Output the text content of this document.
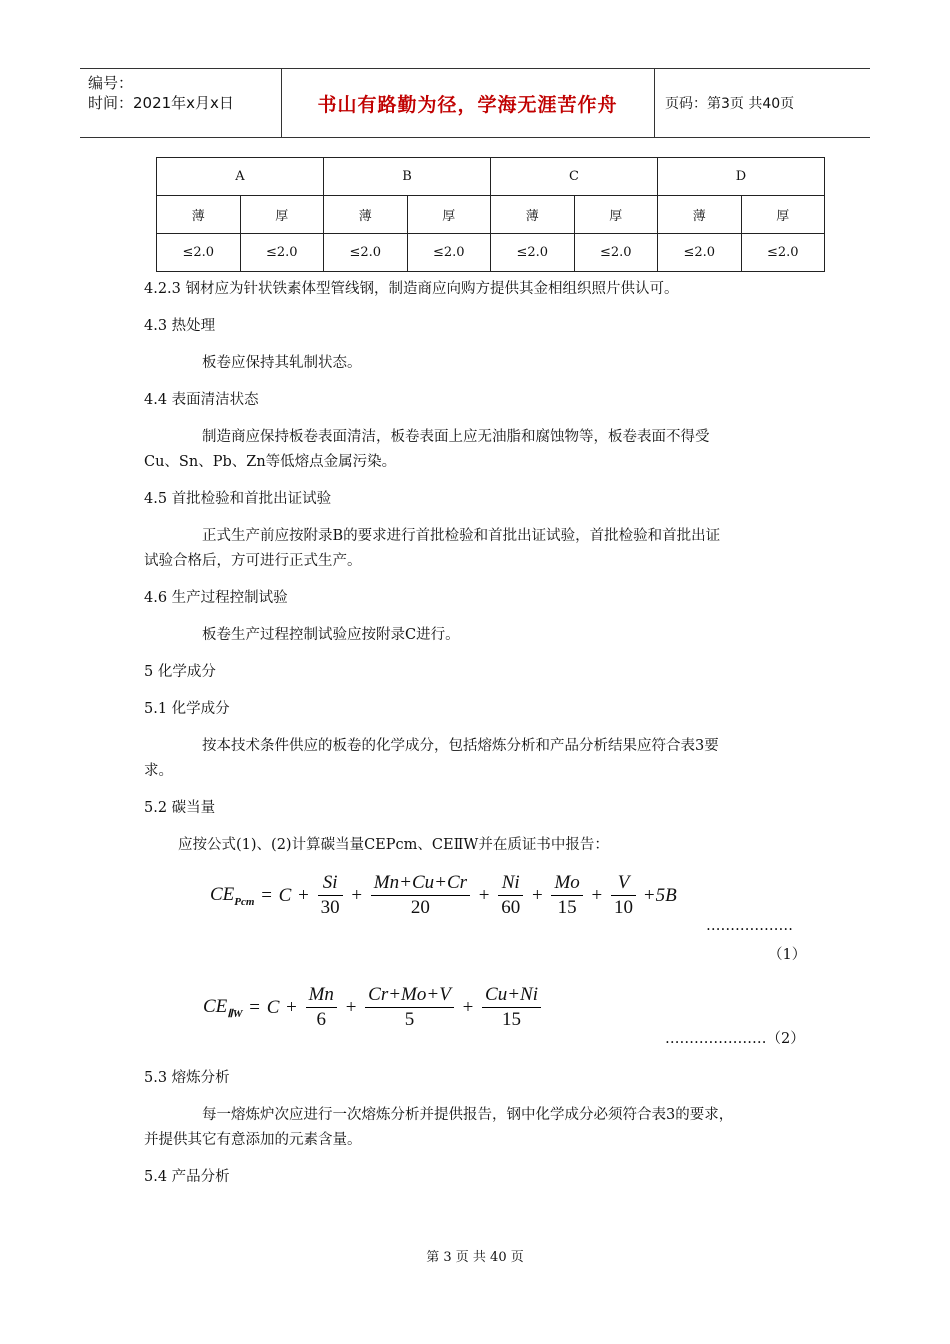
编号：
时间：2021年x月x日	书山有路勤为径，学海无涯苦作舟	页码：第3页 共40页
A		B		C		D	
薄	厚	薄	厚	薄	厚	薄	厚
≤2.0	≤2.0	≤2.0	≤2.0	≤2.0	≤2.0	≤2.0	≤2.0
4.2.3 钢材应为针状铁素体型管线钢，制造商应向购方提供其金相组织照片供认可。
4.3 热处理
板卷应保持其轧制状态。
4.4 表面清洁状态
制造商应保持板卷表面清洁，板卷表面上应无油脂和腐蚀物等，板卷表面不得受
Cu、Sn、Pb、Zn等低熔点金属污染。
4.5 首批检验和首批出证试验
正式生产前应按附录B的要求进行首批检验和首批出证试验，首批检验和首批出证
试验合格后，方可进行正式生产。
4.6 生产过程控制试验
板卷生产过程控制试验应按附录C进行。
5 化学成分
5.1 化学成分
按本技术条件供应的板卷的化学成分，包括熔炼分析和产品分析结果应符合表3要
求。
5.2 碳当量
应按公式(1)、(2)计算碳当量CEPcm、CEⅡW并在质证书中报告：
$CE_{Pcm} = C + \frac{Si}{30} + \frac{Mn+Cu+Cr}{20} + \frac{Ni}{60} + \frac{Mo}{15} + \frac{V}{10} +5B$
………………
（1）
$CE_{ⅡW} = C + \frac{Mn}{6} + \frac{Cr+Mo+V}{5} + \frac{Cu+Ni}{15}$
…………………（2）
5.3 熔炼分析
每一熔炼炉次应进行一次熔炼分析并提供报告，钢中化学成分必须符合表3的要求，
并提供其它有意添加的元素含量。
5.4 产品分析
第 3 页 共 40 页
